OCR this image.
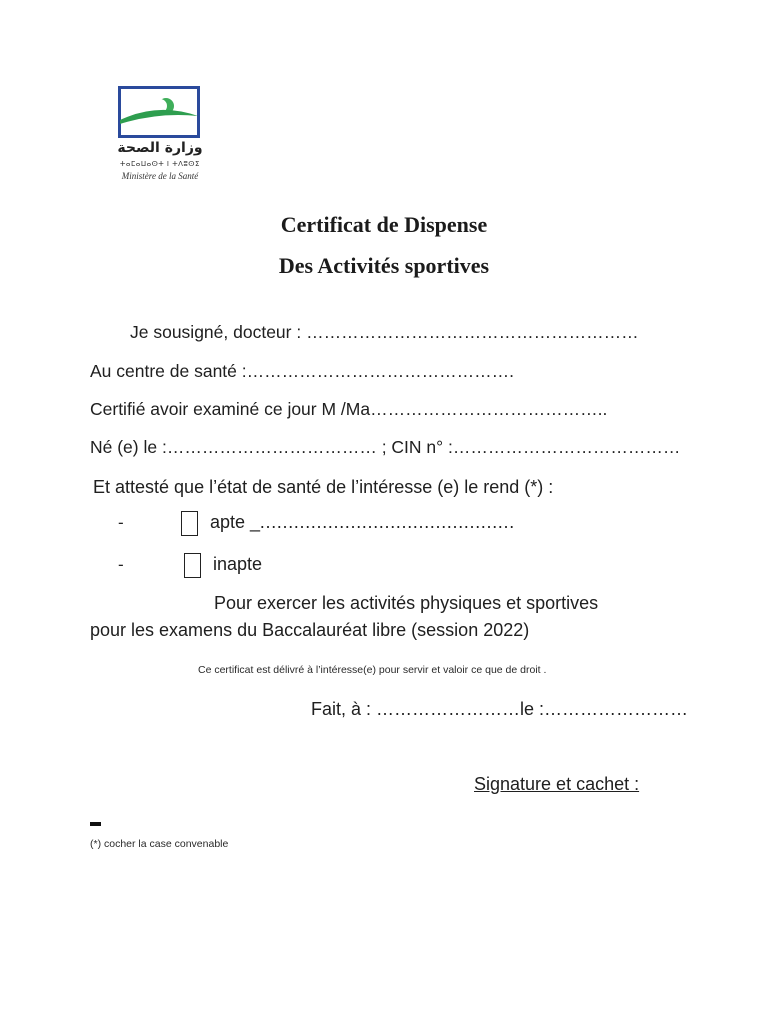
وزارة الصحة
ⵜⴰⵎⴰⵡⴰⵙⵜ ⵏ ⵜⴷⵓⵙⵉ
Ministère de la Santé
Certificat de Dispense
Des Activités sportives
Je sousigné, docteur : …………………………………………………
Au centre de santé :……………………………………….
Certifié avoir examiné ce jour M /Ma…………………………………..
Né (e) le :……………………………… ; CIN n° :…………………………………
Et attesté que l’état de santé de l’intéresse (e) le rend (*) :
-	apte _………………………………………
-	inapte
Pour exercer les activités physiques et sportives
pour les examens du Baccalauréat libre (session 2022)
Ce certificat est délivré à l’intéresse(e) pour servir et valoir ce que de droit .
Fait, à : ……………………le :……………………
Signature et cachet :
(*) cocher la case convenable
